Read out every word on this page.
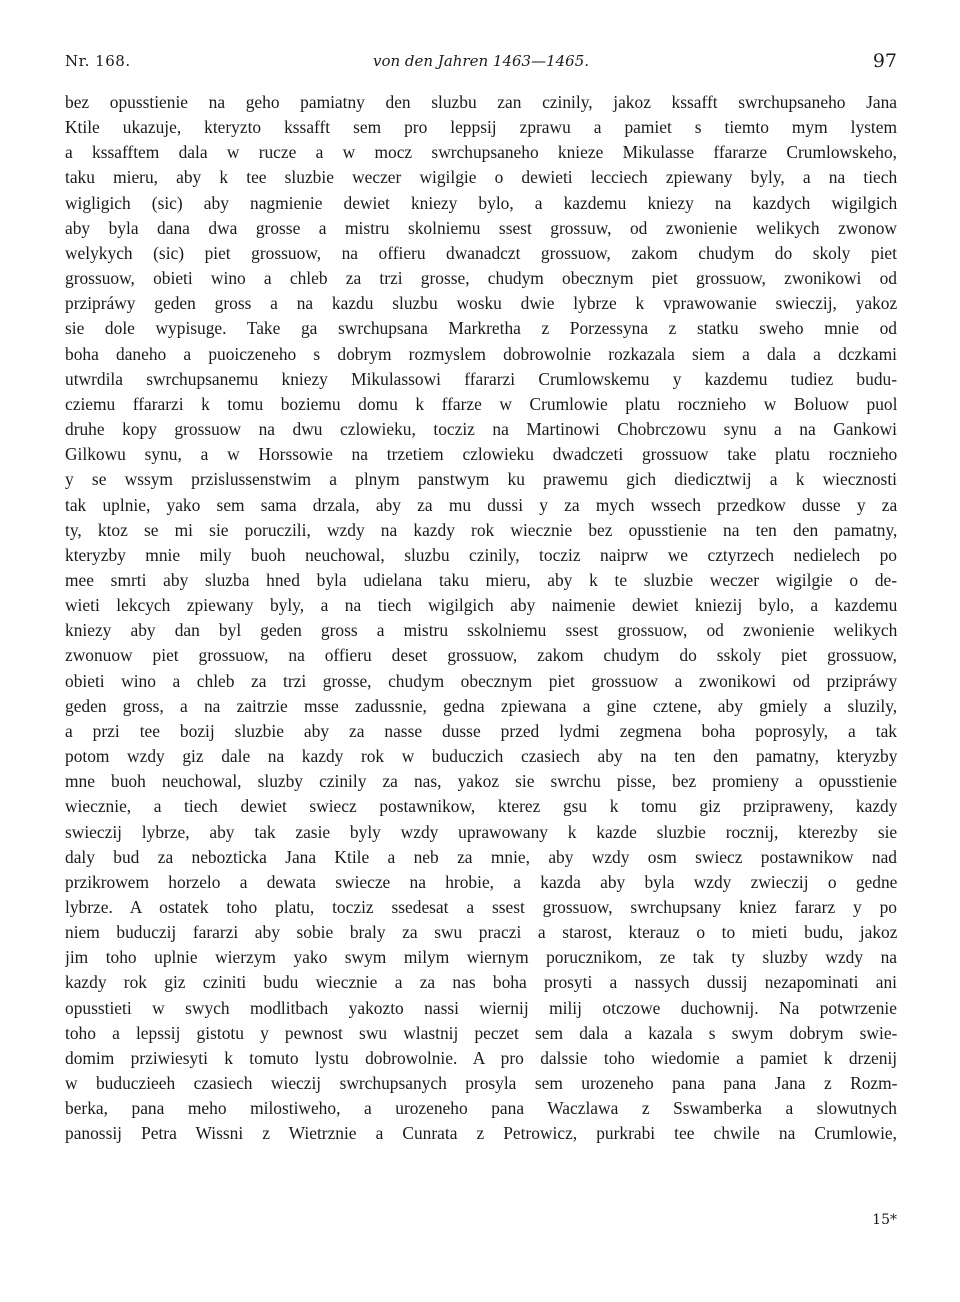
Nr. 168.	von den Jahren 1463—1465.	97
bez opusstienie na geho pamiatny den sluzbu zan czinily, jakoz kssafft swrchupsaneho Jana
Ktile ukazuje, kteryzto kssafft sem pro leppsij zprawu a pamiet s tiemto mym lystem
a kssafftem dala w rucze a w mocz swrchupsaneho knieze Mikulasse ffararze Crumlowskeho,
taku mieru, aby k tee sluzbie weczer wigilgie o dewieti lecciech zpiewany byly, a na tiech
wigligich (sic) aby nagmienie dewiet kniezy bylo, a kazdemu kniezy na kazdych wigilgich
aby byla dana dwa grosse a mistru skolniemu ssest grossuw, od zwonienie welikych zwonow
welykych (sic) piet grossuow, na offieru dwanadczt grossuow, zakom chudym do skoly piet
grossuow, obieti wino a chleb za trzi grosse, chudym obecznym piet grossuow, zwonikowi od
przipráwy geden gross a na kazdu sluzbu wosku dwie lybrze k vprawowanie swieczij, yakoz
sie dole wypisuge. Take ga swrchupsana Markretha z Porzessyna z statku sweho mnie od
boha daneho a puoiczeneho s dobrym rozmyslem dobrowolnie rozkazala siem a dala a dczkami
utwrdila swrchupsanemu kniezy Mikulassowi ffararzi Crumlowskemu y kazdemu tudiez budu-
cziemu ffararzi k tomu boziemu domu k ffarze w Crumlowie platu rocznieho w Boluow puol
druhe kopy grossuow na dwu czlowieku, tocziz na Martinowi Chobrczowu synu a na Gankowi
Gilkowu synu, a w Horssowie na trzetiem czlowieku dwadczeti grossuow take platu rocznieho
y se wssym przislussenstwim a plnym panstwym ku prawemu gich diedicztwij a k wiecznosti
tak uplnie, yako sem sama drzala, aby za mu dussi y za mych wssech przedkow dusse y za
ty, ktoz se mi sie poruczili, wzdy na kazdy rok wiecznie bez opusstienie na ten den pamatny,
kteryzby mnie mily buoh neuchowal, sluzbu czinily, tocziz naiprw we cztyrzech nedielech po
mee smrti aby sluzba hned byla udielana taku mieru, aby k te sluzbie weczer wigilgie o de-
wieti lekcych zpiewany byly, a na tiech wigilgich aby naimenie dewiet kniezij bylo, a kazdemu
kniezy aby dan byl geden gross a mistru sskolniemu ssest grossuow, od zwonienie welikych
zwonuow piet grossuow, na offieru deset grossuow, zakom chudym do sskoly piet grossuow,
obieti wino a chleb za trzi grosse, chudym obecznym piet grossuow a zwonikowi od przipráwy
geden gross, a na zaitrzie msse zadussnie, gedna zpiewana a gine cztene, aby gmiely a sluzily,
a przi tee bozij sluzbie aby za nasse dusse przed lydmi zegmena boha poprosyly, a tak
potom wzdy giz dale na kazdy rok w buduczich czasiech aby na ten den pamatny, kteryzby
mne buoh neuchowal, sluzby czinily za nas, yakoz sie swrchu pisse, bez promieny a opusstienie
wiecznie, a tiech dewiet swiecz postawnikow, kterez gsu k tomu giz przipraweny, kazdy
swieczij lybrze, aby tak zasie byly wzdy uprawowany k kazde sluzbie rocznij, kterezby sie
daly bud za nebozticka Jana Ktile a neb za mnie, aby wzdy osm swiecz postawnikow nad
przikrowem horzelo a dewata swiecze na hrobie, a kazda aby byla wzdy zwieczij o gedne
lybrze. A ostatek toho platu, tocziz ssedesat a ssest grossuow, swrchupsany kniez fararz y po
niem buduczij fararzi aby sobie braly za swu praczi a starost, kterauz o to mieti budu, jakoz
jim toho uplnie wierzym yako swym milym wiernym porucznikom, ze tak ty sluzby wzdy na
kazdy rok giz cziniti budu wiecznie a za nas boha prosyti a nassych dussij nezapominati ani
opusstieti w swych modlitbach yakozto nassi wiernij milij otczowe duchownij. Na potwrzenie
toho a lepssij gistotu y pewnost swu wlastnij peczet sem dala a kazala s swym dobrym swie-
domim prziwiesyti k tomuto lystu dobrowolnie. A pro dalssie toho wiedomie a pamiet k drzenij
w buduczieeh czasiech wieczij swrchupsanych prosyla sem urozeneho pana pana Jana z Rozm-
berka, pana meho milostiweho, a urozeneho pana Waczlawa z Sswamberka a slowutnych
panossij Petra Wissni z Wietrznie a Cunrata z Petrowicz, purkrabi tee chwile na Crumlowie,
15*
